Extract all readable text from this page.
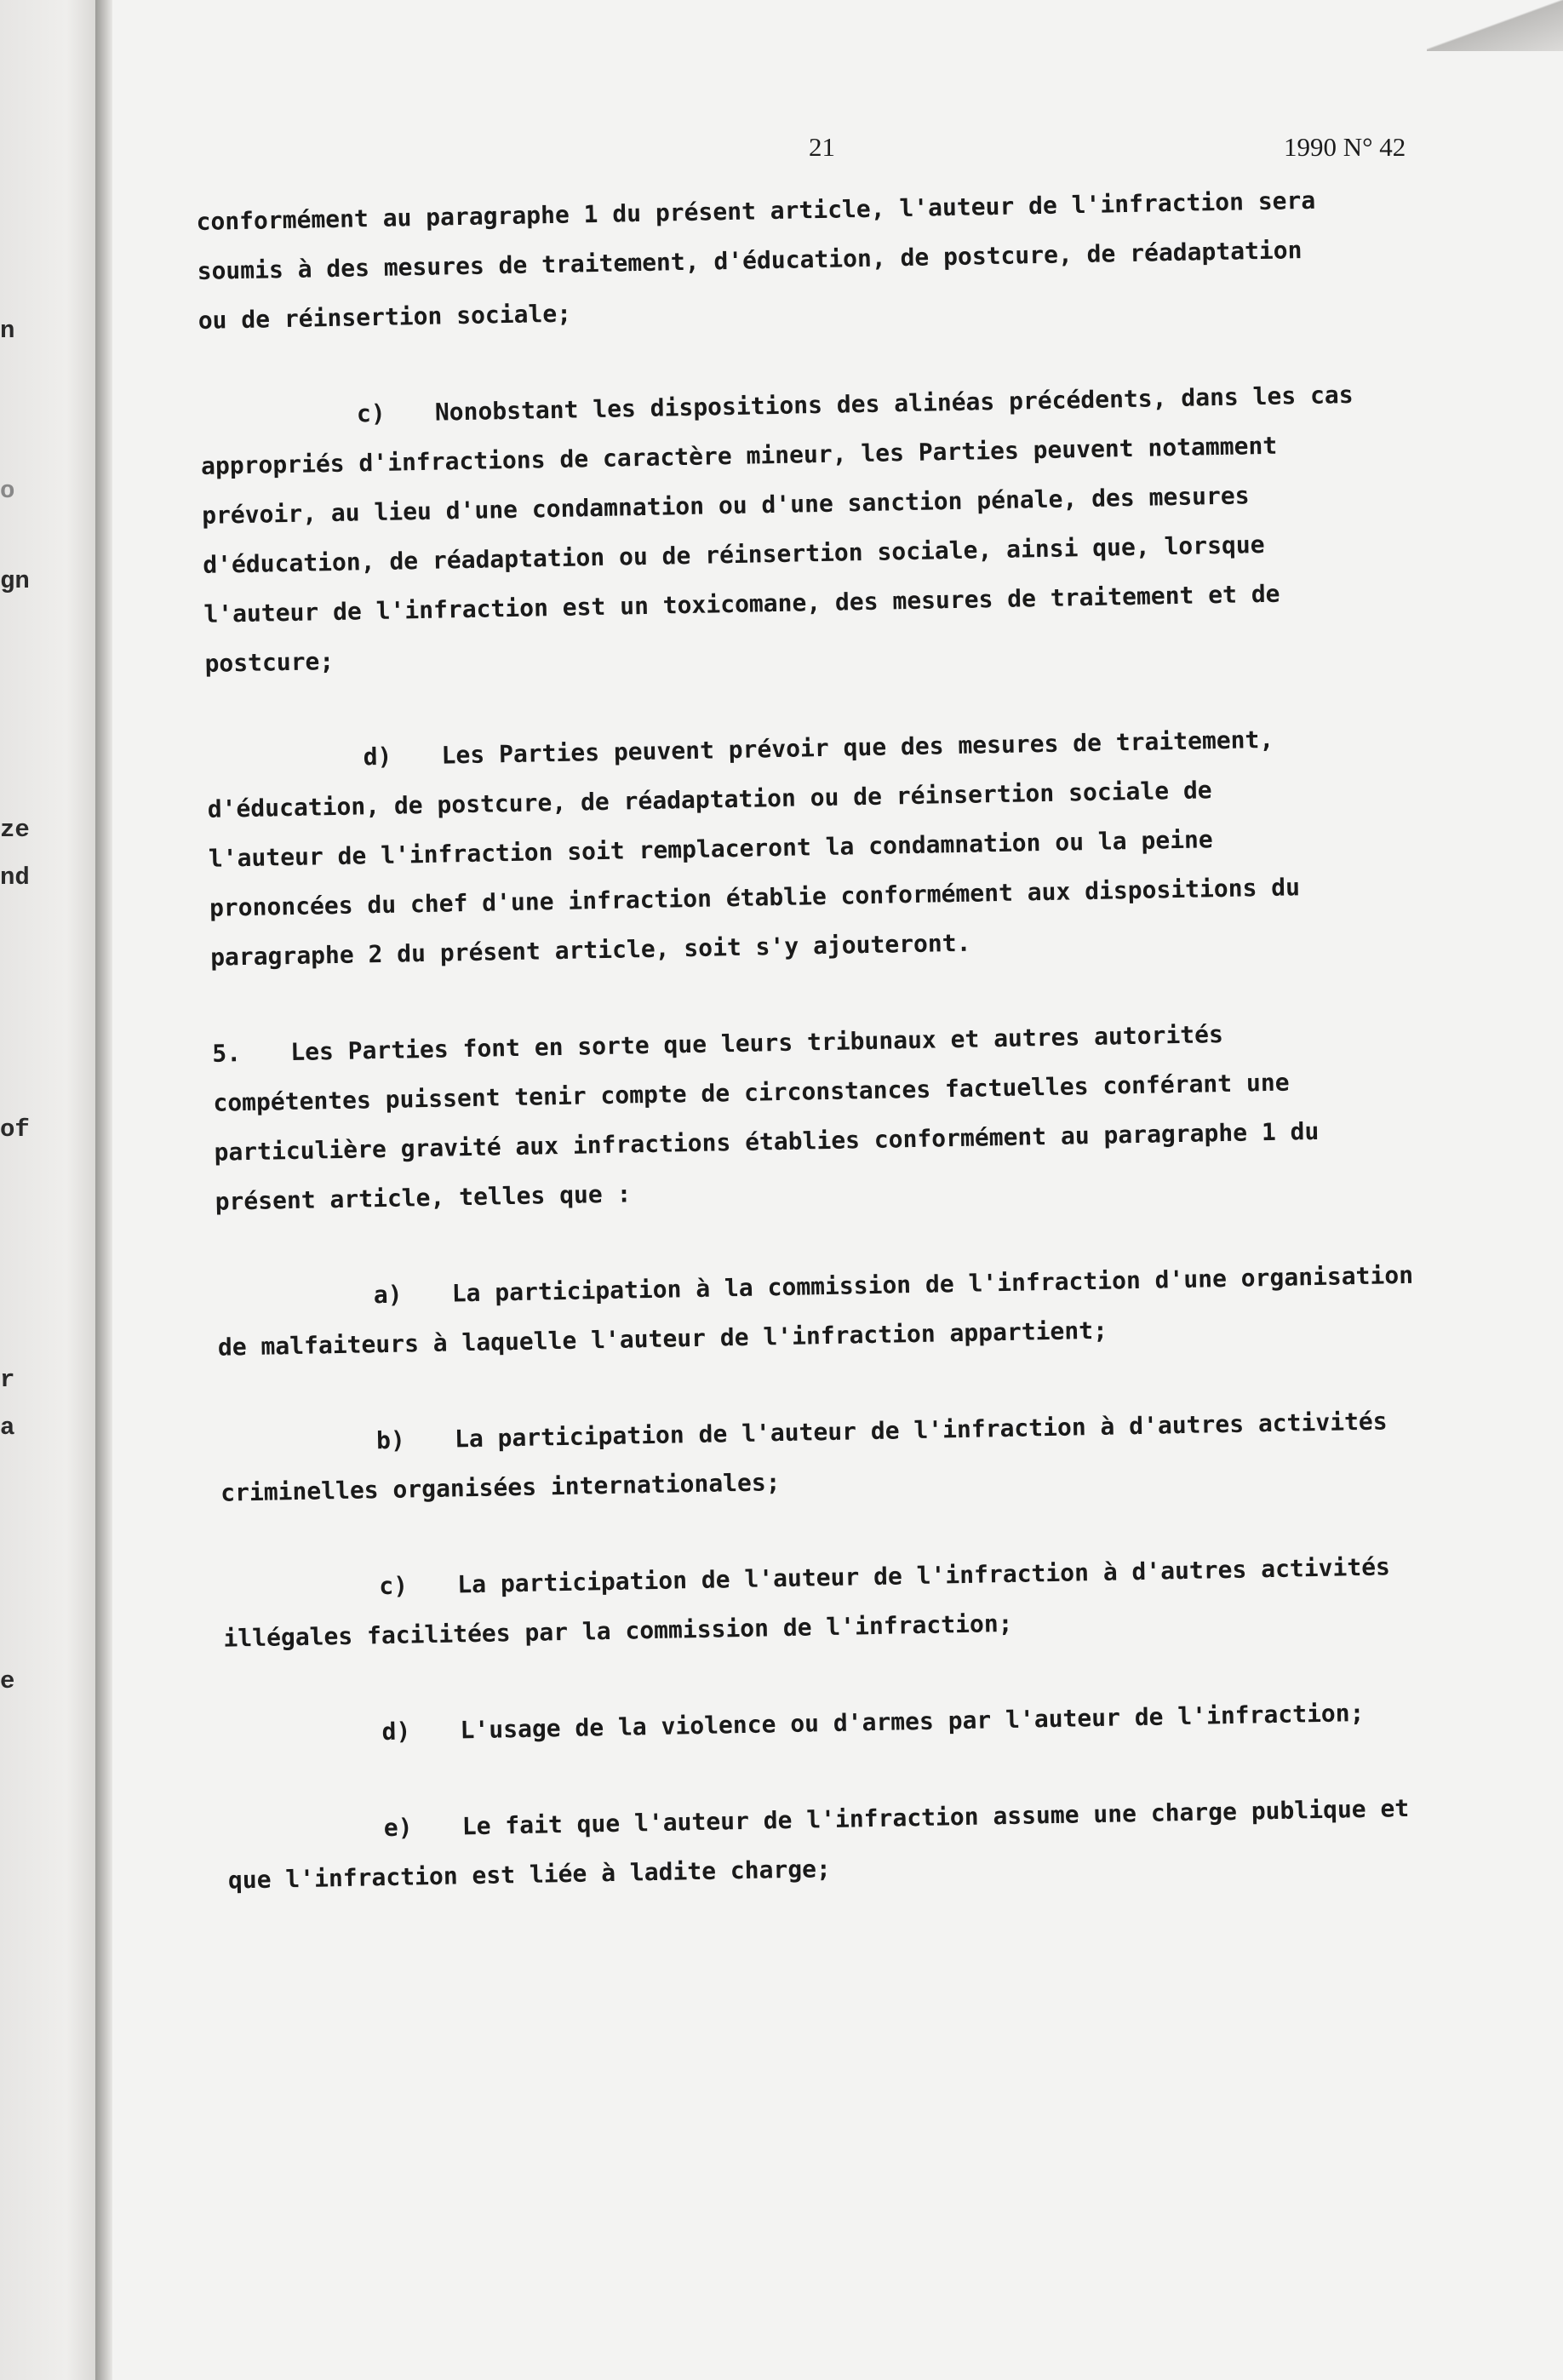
n
o
gn
ze
nd
of
r
a
e
21	1990 N° 42

conformément au paragraphe 1 du présent article, l'auteur de l'infraction sera

soumis à des mesures de traitement, d'éducation, de postcure, de réadaptation

ou de réinsertion sociale;

c) Nonobstant les dispositions des alinéas précédents, dans les cas

appropriés d'infractions de caractère mineur, les Parties peuvent notamment

prévoir, au lieu d'une condamnation ou d'une sanction pénale, des mesures

d'éducation, de réadaptation ou de réinsertion sociale, ainsi que, lorsque

l'auteur de l'infraction est un toxicomane, des mesures de traitement et de

postcure;

d) Les Parties peuvent prévoir que des mesures de traitement,

d'éducation, de postcure, de réadaptation ou de réinsertion sociale de

l'auteur de l'infraction soit remplaceront la condamnation ou la peine

prononcées du chef d'une infraction établie conformément aux dispositions du

paragraphe 2 du présent article, soit s'y ajouteront.

5. Les Parties font en sorte que leurs tribunaux et autres autorités

compétentes puissent tenir compte de circonstances factuelles conférant une

particulière gravité aux infractions établies conformément au paragraphe 1 du

présent article, telles que :

a) La participation à la commission de l'infraction d'une organisation

de malfaiteurs à laquelle l'auteur de l'infraction appartient;

b) La participation de l'auteur de l'infraction à d'autres activités

criminelles organisées internationales;

c) La participation de l'auteur de l'infraction à d'autres activités

illégales facilitées par la commission de l'infraction;

d) L'usage de la violence ou d'armes par l'auteur de l'infraction;

e) Le fait que l'auteur de l'infraction assume une charge publique et

que l'infraction est liée à ladite charge;
